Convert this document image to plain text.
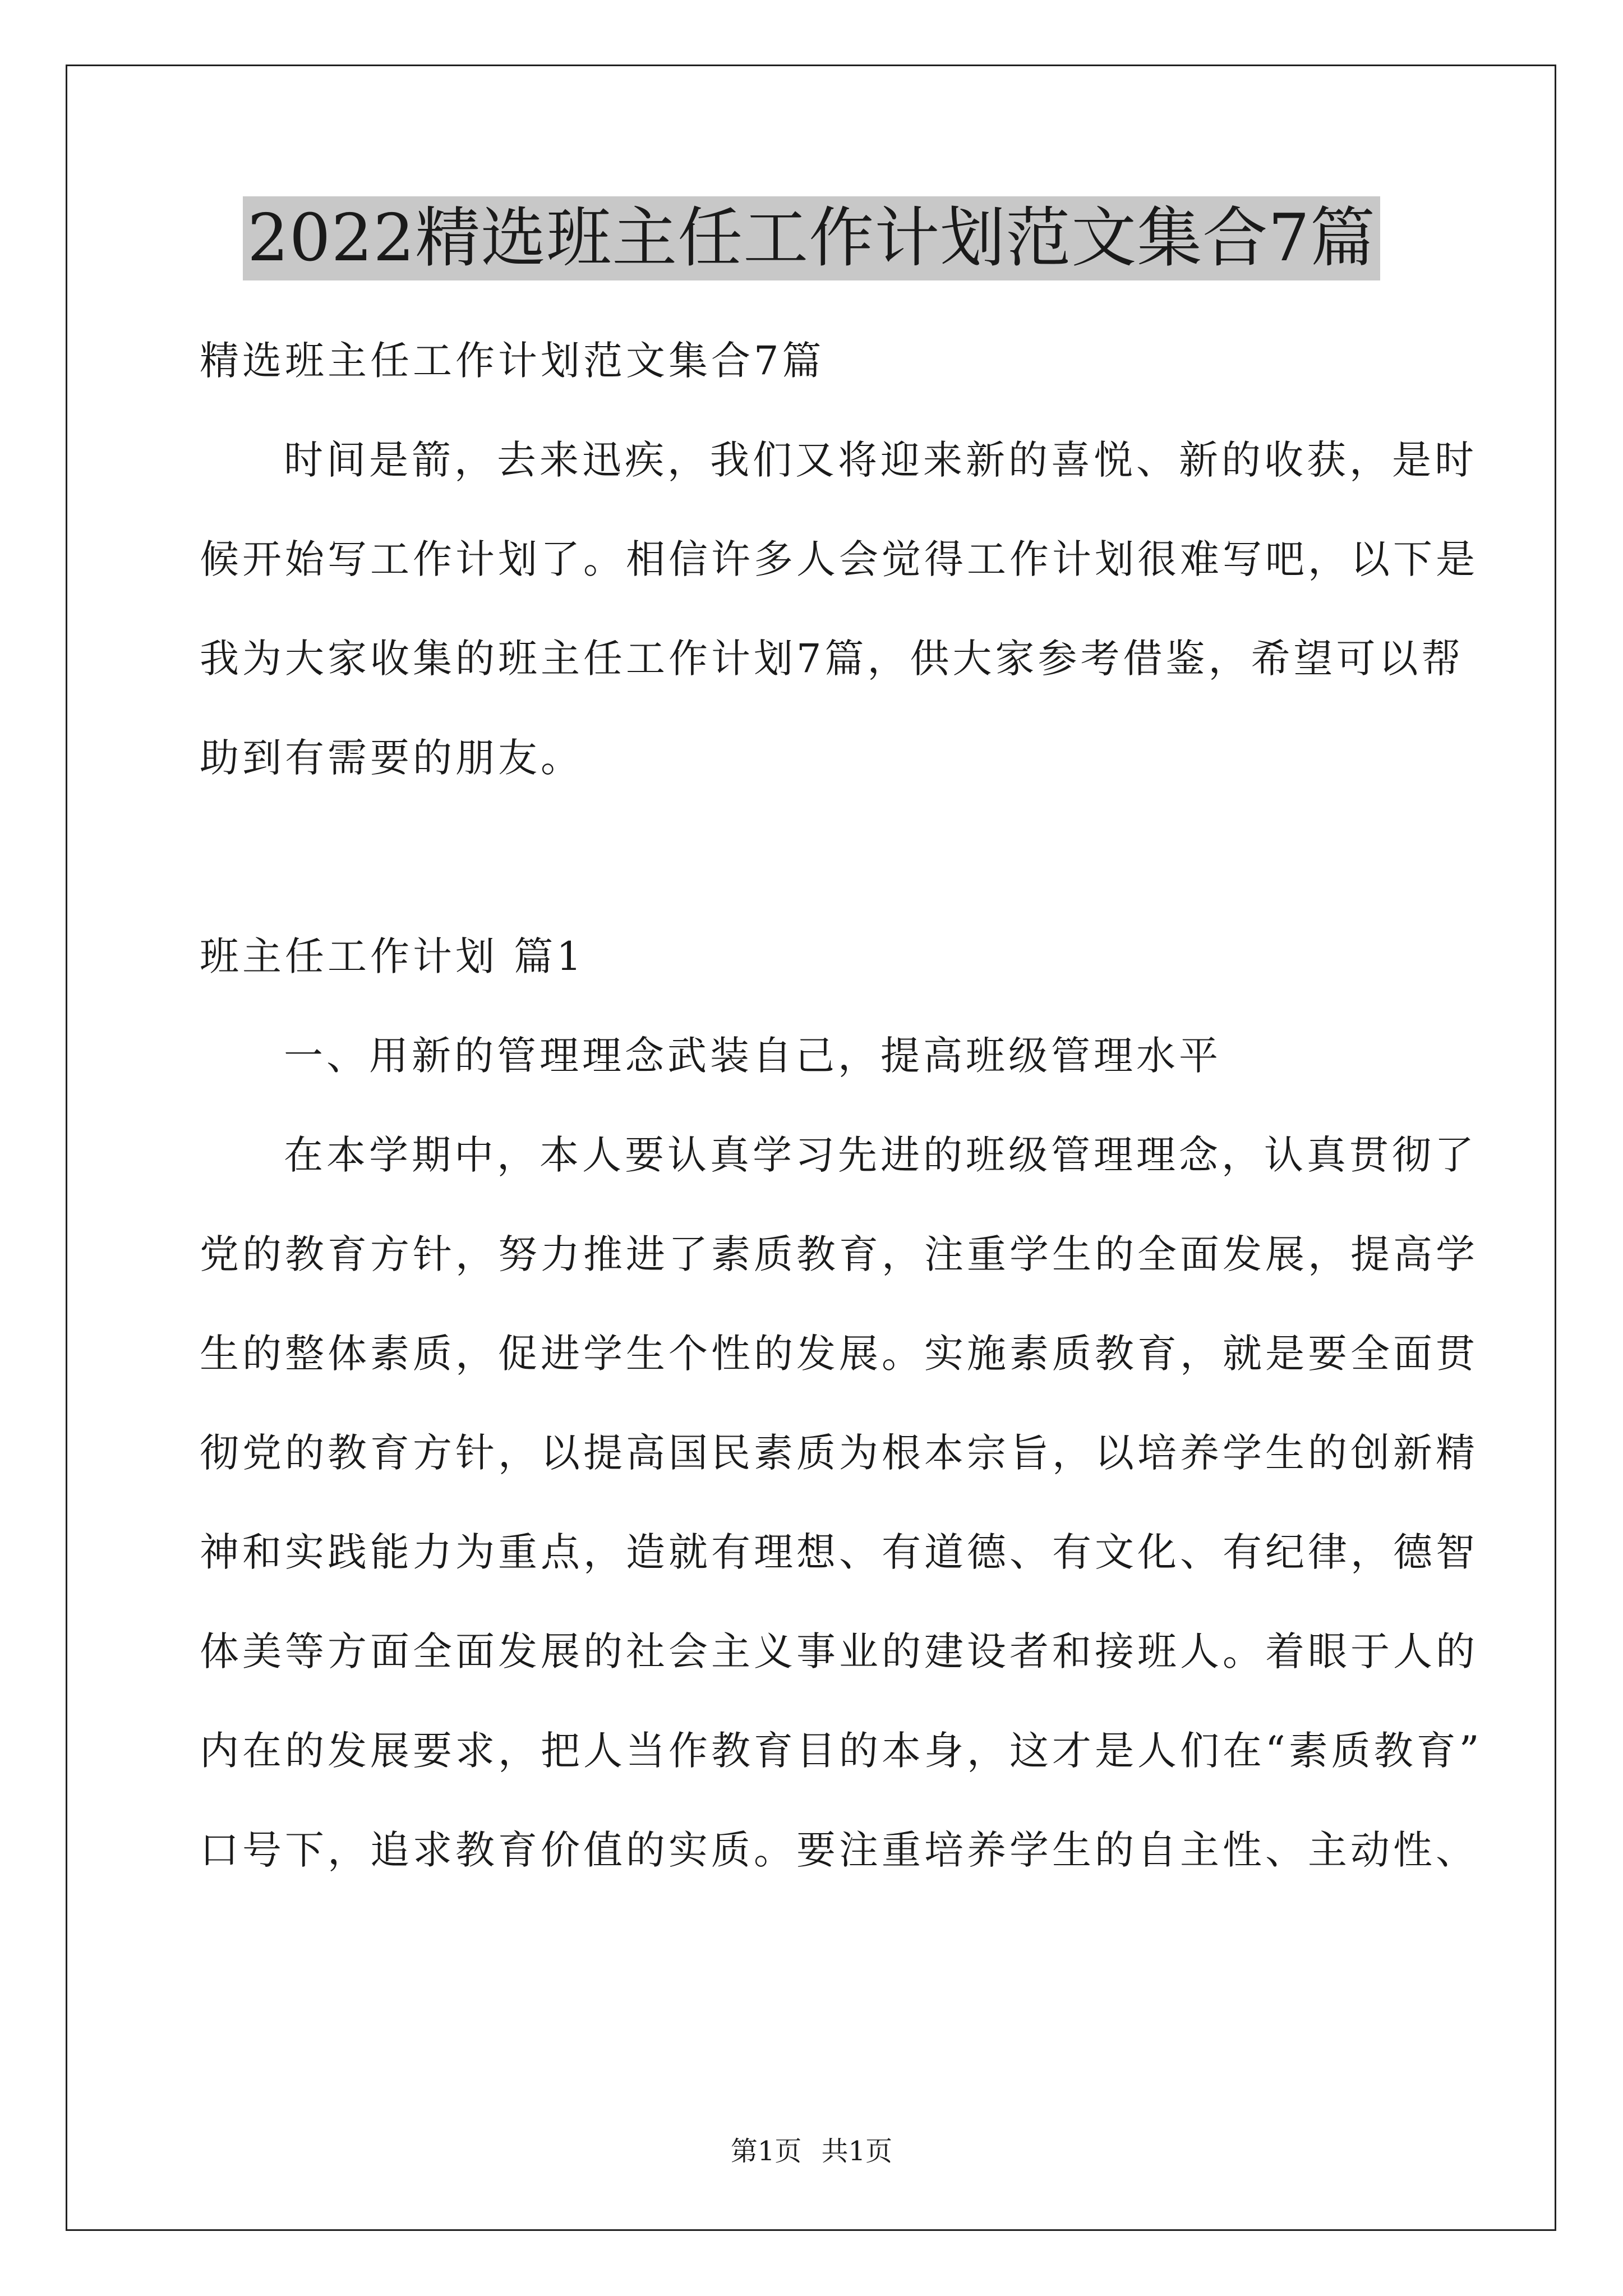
2022精选班主任工作计划范文集合7篇
精选班主任工作计划范文集合7篇
时间是箭，去来迅疾，我们又将迎来新的喜悦、新的收获，是时
候开始写工作计划了。相信许多人会觉得工作计划很难写吧，以下是
我为大家收集的班主任工作计划7篇，供大家参考借鉴，希望可以帮
助到有需要的朋友。
班主任工作计划 篇1
一、用新的管理理念武装自己，提高班级管理水平
在本学期中，本人要认真学习先进的班级管理理念，认真贯彻了
党的教育方针，努力推进了素质教育，注重学生的全面发展，提高学
生的整体素质，促进学生个性的发展。实施素质教育，就是要全面贯
彻党的教育方针，以提高国民素质为根本宗旨，以培养学生的创新精
神和实践能力为重点，造就有理想、有道德、有文化、有纪律，德智
体美等方面全面发展的社会主义事业的建设者和接班人。着眼于人的
内在的发展要求，把人当作教育目的本身，这才是人们在“素质教育”
口号下，追求教育价值的实质。要注重培养学生的自主性、主动性、
第1页 共1页
